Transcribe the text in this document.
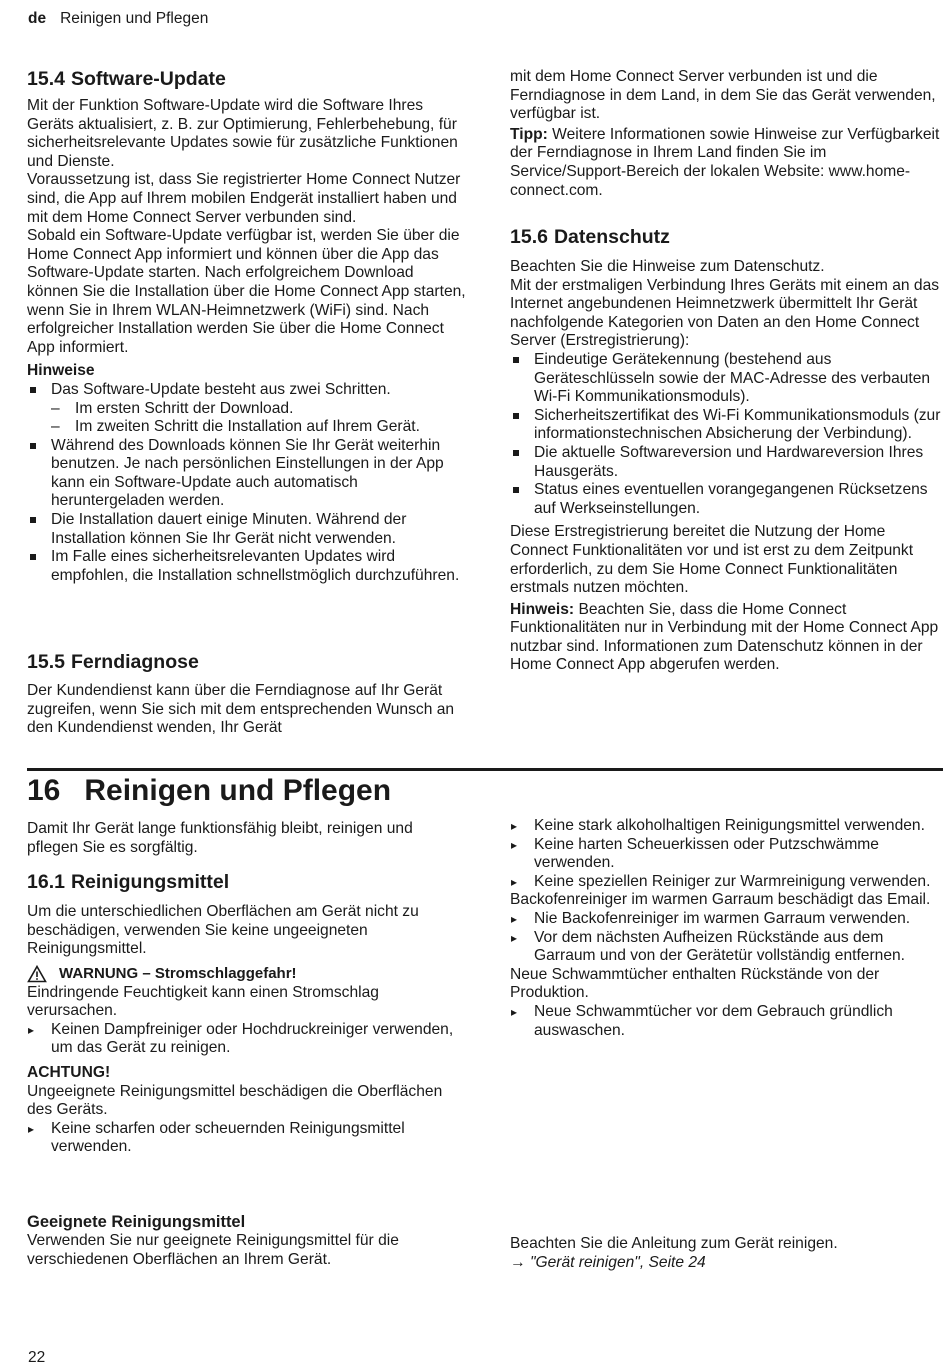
de Reinigen und Pflegen
15.4 Software-Update

Mit der Funktion Software-Update wird die Software Ihres Geräts aktualisiert, z. B. zur Optimierung, Fehlerbehebung, für sicherheitsrelevante Updates sowie für zusätzliche Funktionen und Dienste.

Voraussetzung ist, dass Sie registrierter Home Connect Nutzer sind, die App auf Ihrem mobilen Endgerät installiert haben und mit dem Home Connect Server verbunden sind.

Sobald ein Software-Update verfügbar ist, werden Sie über die Home Connect App informiert und können über die App das Software-Update starten. Nach erfolgreichem Download können Sie die Installation über die Home Connect App starten, wenn Sie in Ihrem WLAN-Heimnetzwerk (WiFi) sind. Nach erfolgreicher Installation werden Sie über die Home Connect App informiert.

Hinweise

Das Software-Update besteht aus zwei Schritten.
– Im ersten Schritt der Download.
– Im zweiten Schritt die Installation auf Ihrem Gerät.
Während des Downloads können Sie Ihr Gerät weiterhin benutzen. Je nach persönlichen Einstellungen in der App kann ein Software-Update auch automatisch heruntergeladen werden.
Die Installation dauert einige Minuten. Während der Installation können Sie Ihr Gerät nicht verwenden.
Im Falle eines sicherheitsrelevanten Updates wird empfohlen, die Installation schnellstmöglich durchzuführen.
15.5 Ferndiagnose

Der Kundendienst kann über die Ferndiagnose auf Ihr Gerät zugreifen, wenn Sie sich mit dem entsprechenden Wunsch an den Kundendienst wenden, Ihr Gerät

mit dem Home Connect Server verbunden ist und die Ferndiagnose in dem Land, in dem Sie das Gerät verwenden, verfügbar ist.

Tipp: Weitere Informationen sowie Hinweise zur Verfügbarkeit der Ferndiagnose in Ihrem Land finden Sie im Service/Support-Bereich der lokalen Website: www.home-connect.com.

15.6 Datenschutz

Beachten Sie die Hinweise zum Datenschutz.

Mit der erstmaligen Verbindung Ihres Geräts mit einem an das Internet angebundenen Heimnetzwerk übermittelt Ihr Gerät nachfolgende Kategorien von Daten an den Home Connect Server (Erstregistrierung):

Eindeutige Gerätekennung (bestehend aus Geräteschlüsseln sowie der MAC-Adresse des verbauten Wi-Fi Kommunikationsmoduls).
Sicherheitszertifikat des Wi-Fi Kommunikationsmoduls (zur informationstechnischen Absicherung der Verbindung).
Die aktuelle Softwareversion und Hardwareversion Ihres Hausgeräts.
Status eines eventuellen vorangegangenen Rücksetzens auf Werkseinstellungen.

Diese Erstregistrierung bereitet die Nutzung der Home Connect Funktionalitäten vor und ist erst zu dem Zeitpunkt erforderlich, zu dem Sie Home Connect Funktionalitäten erstmals nutzen möchten.

Hinweis: Beachten Sie, dass die Home Connect Funktionalitäten nur in Verbindung mit der Home Connect App nutzbar sind. Informationen zum Datenschutz können in der Home Connect App abgerufen werden.

16 Reinigen und Pflegen

Damit Ihr Gerät lange funktionsfähig bleibt, reinigen und pflegen Sie es sorgfältig.

16.1 Reinigungsmittel

Um die unterschiedlichen Oberflächen am Gerät nicht zu beschädigen, verwenden Sie keine ungeeigneten Reinigungsmittel.

WARNUNG – Stromschlaggefahr!

Eindringende Feuchtigkeit kann einen Stromschlag verursachen.

▸ Keinen Dampfreiniger oder Hochdruckreiniger verwenden, um das Gerät zu reinigen.

ACHTUNG!

Ungeeignete Reinigungsmittel beschädigen die Oberflächen des Geräts.

▸ Keine scharfen oder scheuernden Reinigungsmittel verwenden.
▸ Keine stark alkoholhaltigen Reinigungsmittel verwenden.
▸ Keine harten Scheuerkissen oder Putzschwämme verwenden.
▸ Keine speziellen Reiniger zur Warmreinigung verwenden.

Backofenreiniger im warmen Garraum beschädigt das Email.

▸ Nie Backofenreiniger im warmen Garraum verwenden.
▸ Vor dem nächsten Aufheizen Rückstände aus dem Garraum und von der Gerätetür vollständig entfernen.

Neue Schwammtücher enthalten Rückstände von der Produktion.

▸ Neue Schwammtücher vor dem Gebrauch gründlich auswaschen.
Geeignete Reinigungsmittel

Verwenden Sie nur geeignete Reinigungsmittel für die verschiedenen Oberflächen an Ihrem Gerät.

Beachten Sie die Anleitung zum Gerät reinigen.

→ "Gerät reinigen", Seite 24

22
